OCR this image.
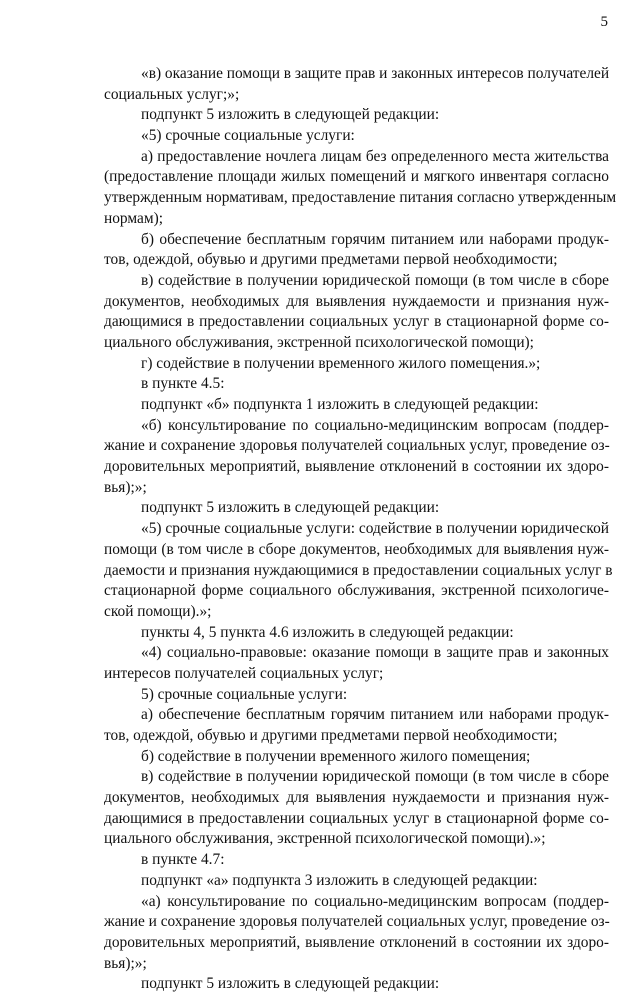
5
«в) оказание помощи в защите прав и законных интересов получателей
социальных услуг;»;
подпункт 5 изложить в следующей редакции:
«5) срочные социальные услуги:
а) предоставление ночлега лицам без определенного места жительства
(предоставление площади жилых помещений и мягкого инвентаря согласно
утвержденным нормативам, предоставление питания согласно утвержденным
нормам);
б) обеспечение бесплатным горячим питанием или наборами продук-
тов, одеждой, обувью и другими предметами первой необходимости;
в) содействие в получении юридической помощи (в том числе в сборе
документов, необходимых для выявления нуждаемости и признания нуж-
дающимися в предоставлении социальных услуг в стационарной форме со-
циального обслуживания, экстренной психологической помощи);
г) содействие в получении временного жилого помещения.»;
в пункте 4.5:
подпункт «б» подпункта 1 изложить в следующей редакции:
«б) консультирование по социально-медицинским вопросам (поддер-
жание и сохранение здоровья получателей социальных услуг, проведение оз-
доровительных мероприятий, выявление отклонений в состоянии их здоро-
вья);»;
подпункт 5 изложить в следующей редакции:
«5) срочные социальные услуги: содействие в получении юридической
помощи (в том числе в сборе документов, необходимых для выявления нуж-
даемости и признания нуждающимися в предоставлении социальных услуг в
стационарной форме социального обслуживания, экстренной психологиче-
ской помощи).»;
пункты 4, 5 пункта 4.6 изложить в следующей редакции:
«4) социально-правовые: оказание помощи в защите прав и законных
интересов получателей социальных услуг;
5) срочные социальные услуги:
а) обеспечение бесплатным горячим питанием или наборами продук-
тов, одеждой, обувью и другими предметами первой необходимости;
б) содействие в получении временного жилого помещения;
в) содействие в получении юридической помощи (в том числе в сборе
документов, необходимых для выявления нуждаемости и признания нуж-
дающимися в предоставлении социальных услуг в стационарной форме со-
циального обслуживания, экстренной психологической помощи).»;
в пункте 4.7:
подпункт «а» подпункта 3 изложить в следующей редакции:
«а) консультирование по социально-медицинским вопросам (поддер-
жание и сохранение здоровья получателей социальных услуг, проведение оз-
доровительных мероприятий, выявление отклонений в состоянии их здоро-
вья);»;
подпункт 5 изложить в следующей редакции:
